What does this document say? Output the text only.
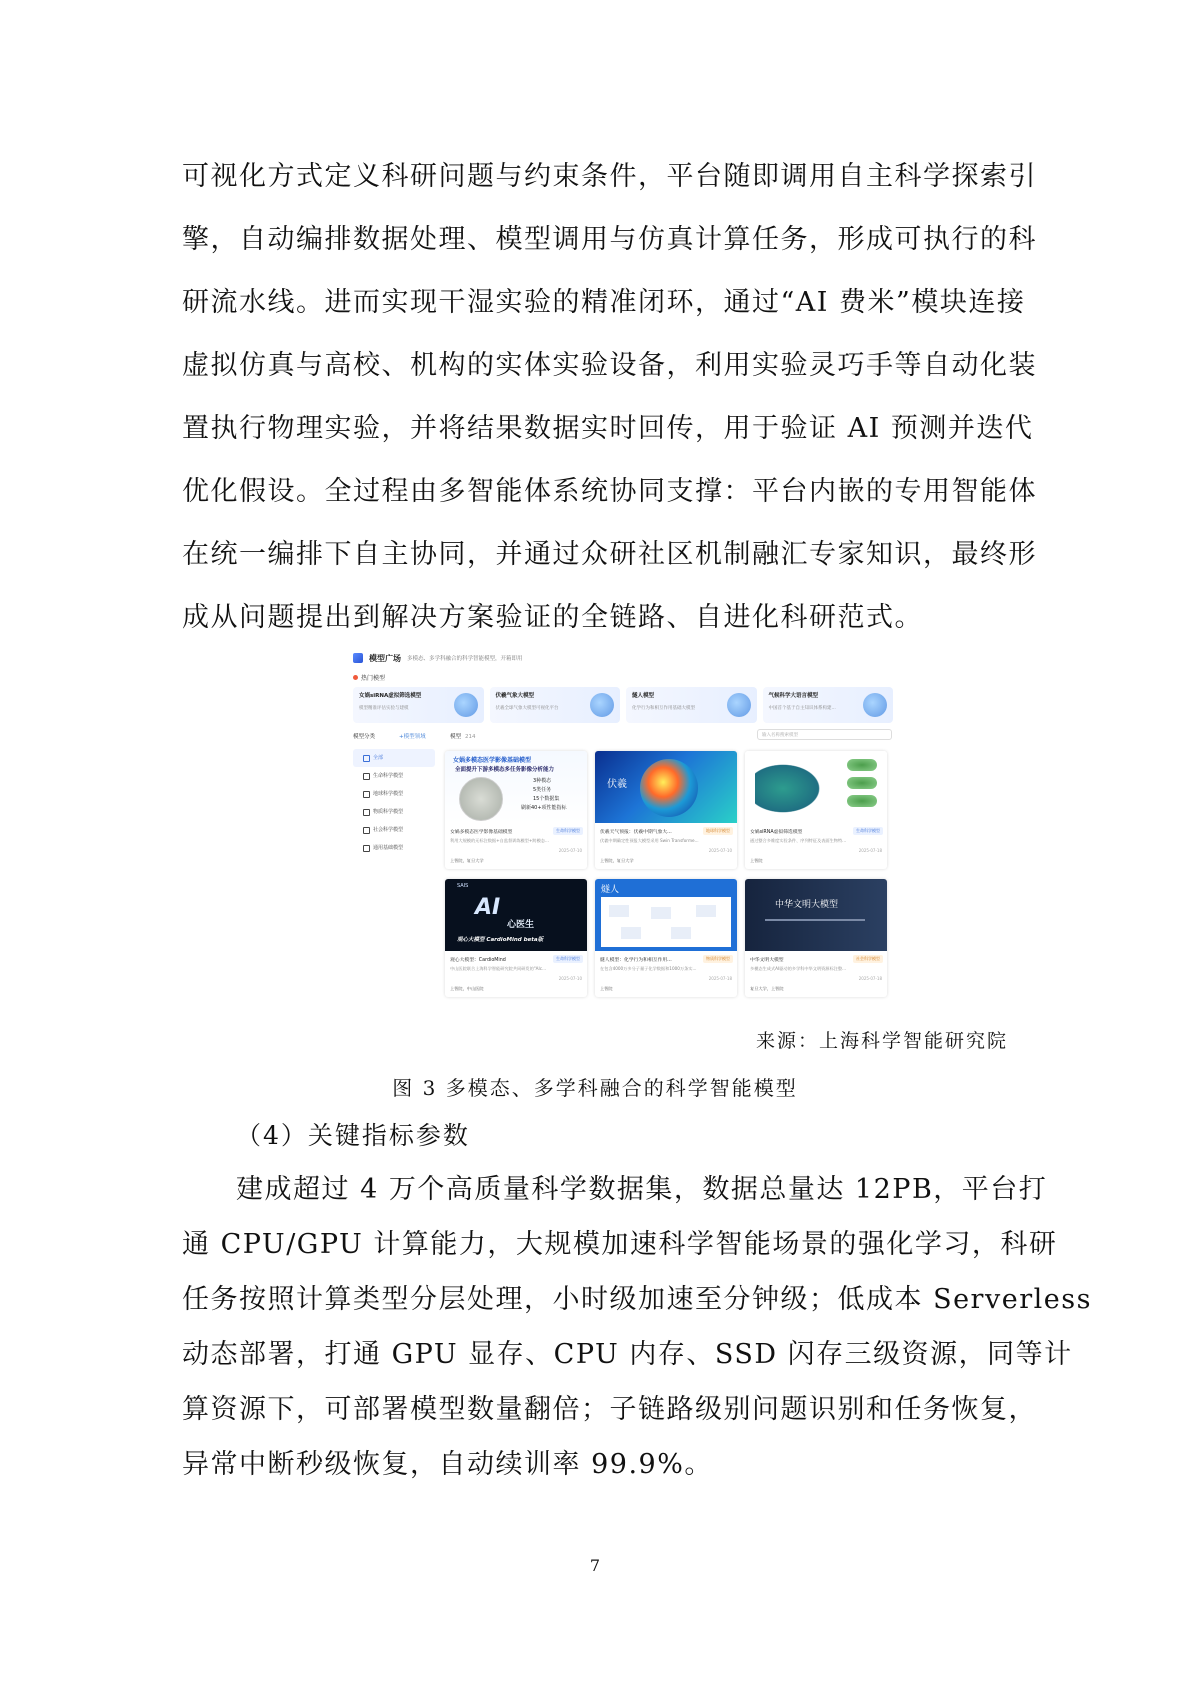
可视化方式定义科研问题与约束条件，平台随即调用自主科学探索引
擎，自动编排数据处理、模型调用与仿真计算任务，形成可执行的科
研流水线。进而实现干湿实验的精准闭环，通过“AI 费米”模块连接
虚拟仿真与高校、机构的实体实验设备，利用实验灵巧手等自动化装
置执行物理实验，并将结果数据实时回传，用于验证 AI 预测并迭代
优化假设。全过程由多智能体系统协同支撑：平台内嵌的专用智能体
在统一编排下自主协同，并通过众研社区机制融汇专家知识，最终形
成从问题提出到解决方案验证的全链路、自进化科研范式。
模型广场 多模态、多学科融合的科学智能模型，开箱即用
热门模型
女娲siRNA虚拟筛选模型
模型精准评估实验与建模
伏羲气象大模型
伏羲全球气象大模型可视化平台
燧人模型
化学行为和相互作用基础大模型
气候科学大语言模型
中国首个基于自主知识体系构建...
模型分类	+模型领域	模型 214	输入名称搜索模型
全部
生命科学模型
地球科学模型
物质科学模型
社会科学模型
通用基础模型
女娲多模态医学影像基础模型
全面提升下游多模态多任务影像分析能力
3种模态
5类任务
15个数据集
刷新40+项性能指标
女娲多模态医学影像基础模型	生命科学模型
利用大规模的无标注数据+自监督训练模型+跨模态...
2025-07-10
上智院，复旦大学
伏羲
伏羲天气预报：伏羲中期气象大...	地球科学模型
伏羲中期确定性预报大模型采用 Swin Transforme...
2025-07-10
上智院，复旦大学
女娲siRNA虚拟筛选模型	生命科学模型
通过整合多维度实验条件、序列特征及表面生物特...
2025-07-18
上智院
SAIS
AI
心医生
观心大模型 CardioMind beta版
观心大模型：CardioMind	生命科学模型
中山医院联合上海科学智能研究院共同研发的"AIc...
2025-07-10
上智院，中山医院
燧人
燧人模型：化学行为和相互作用...	物质科学模型
在包含4000万多分子量子化学数据和1000万条实...
2025-07-18
上智院
中华文明大模型
中华文明大模型	社会科学模型
多模态生成式AI驱动的多学科中华文明资源标注整...
2025-07-18
复旦大学，上智院
来源：上海科学智能研究院
图 3 多模态、多学科融合的科学智能模型
（4）关键指标参数
建成超过 4 万个高质量科学数据集，数据总量达 12PB，平台打
通 CPU/GPU 计算能力，大规模加速科学智能场景的强化学习，科研
任务按照计算类型分层处理，小时级加速至分钟级；低成本 Serverless
动态部署，打通 GPU 显存、CPU 内存、SSD 闪存三级资源，同等计
算资源下，可部署模型数量翻倍；子链路级别问题识别和任务恢复，
异常中断秒级恢复，自动续训率 99.9%。
7
